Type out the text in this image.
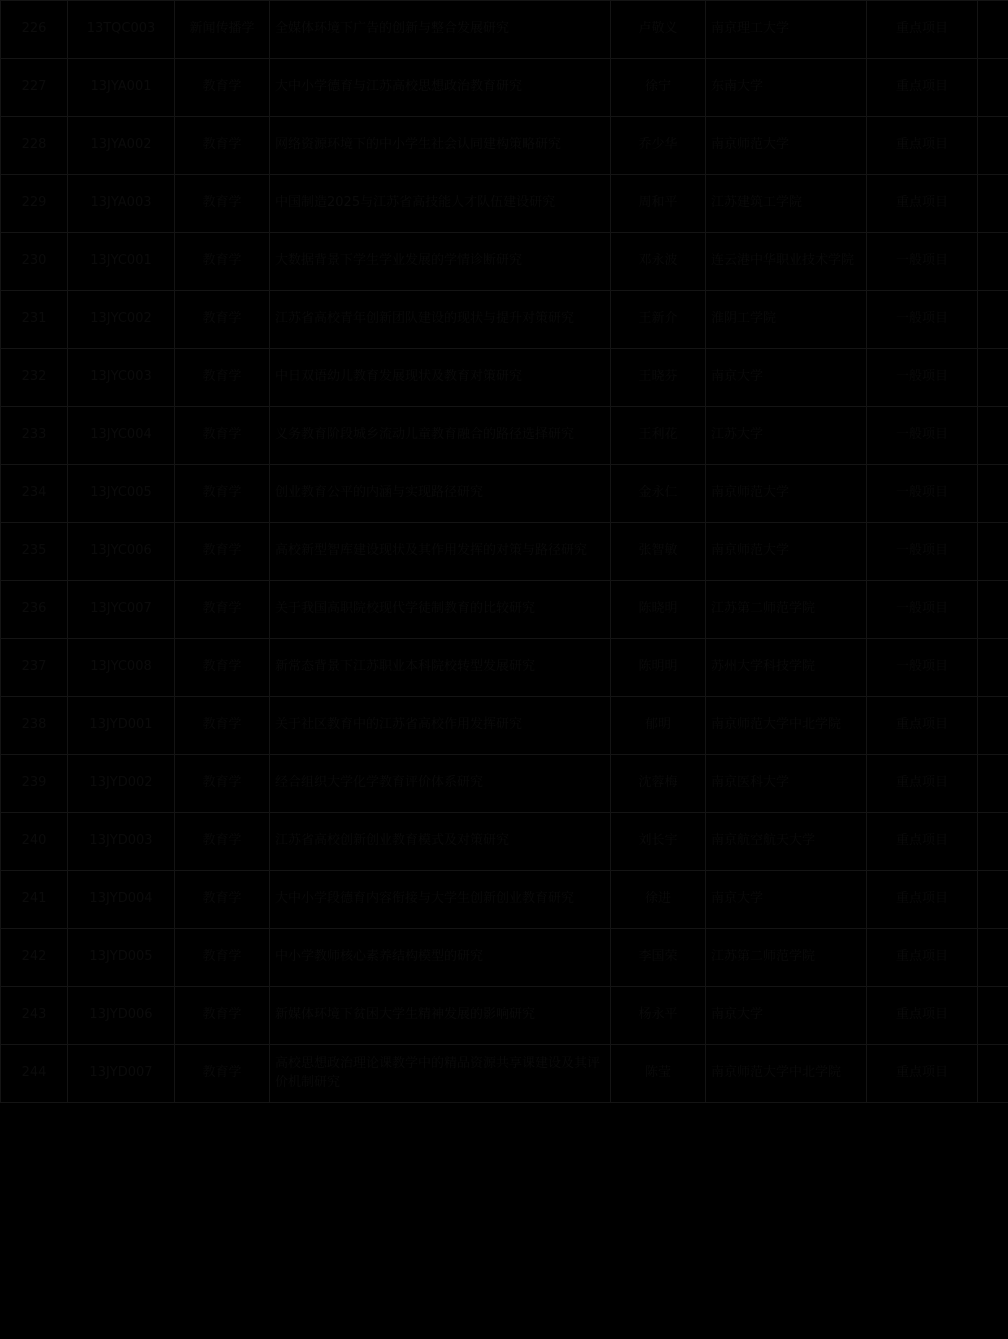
226	13TQC003	新闻传播学	全媒体环境下广告的创新与整合发展研究	卢敬义	南京理工大学	重点项目	
227	13JYA001	教育学	大中小学德育与江苏高校思想政治教育研究	徐宁	东南大学	重点项目	
228	13JYA002	教育学	网络资源环境下的中小学生社会认同建构策略研究	乔少华	南京师范大学	重点项目	
229	13JYA003	教育学	中国制造2025与江苏省高技能人才队伍建设研究	周和平	江苏建筑工学院	重点项目	
230	13JYC001	教育学	大数据背景下学生学业发展的学情诊断研究	邓永波	连云港中华职业技术学院	一般项目	
231	13JYC002	教育学	江苏省高校青年创新团队建设的现状与提升对策研究	王新介	淮阴工学院	一般项目	
232	13JYC003	教育学	中日双语幼儿教育发展现状及教育对策研究	王晓芬	南京大学	一般项目	
233	13JYC004	教育学	义务教育阶段城乡流动儿童教育融合的路径选择研究	王利花	江苏大学	一般项目	
234	13JYC005	教育学	创业教育公平的内涵与实现路径研究	金永仁	南京师范大学	一般项目	
235	13JYC006	教育学	高校新型智库建设现状及其作用发挥的对策与路径研究	张智敏	南京师范大学	一般项目	
236	13JYC007	教育学	关于我国高职院校现代学徒制教育的比较研究	陈晓明	江苏第二师范学院	一般项目	
237	13JYC008	教育学	新常态背景下江苏职业本科院校转型发展研究	陈明明	苏州大学科技学院	一般项目	
238	13JYD001	教育学	关于社区教育中的江苏省高校作用发挥研究	郁明	南京师范大学中北学院	重点项目	
239	13JYD002	教育学	经合组织大学化学教育评价体系研究	沈蓉梅	南京医科大学	重点项目	
240	13JYD003	教育学	江苏省高校创新创业教育模式及对策研究	刘长宇	南京航空航天大学	重点项目	
241	13JYD004	教育学	大中小学段德育内容衔接与大学生创新创业教育研究	徐进	南京大学	重点项目	
242	13JYD005	教育学	中小学教师核心素养结构模型的研究	李国荣	江苏第二师范学院	重点项目	
243	13JYD006	教育学	新媒体环境下贫困大学生精神发展的影响研究	杨永平	南京大学	重点项目	
244	13JYD007	教育学	高校思想政治理论课教学中的精品资源共享课建设及其评价机制研究	陈莹	南京师范大学中北学院	重点项目	
